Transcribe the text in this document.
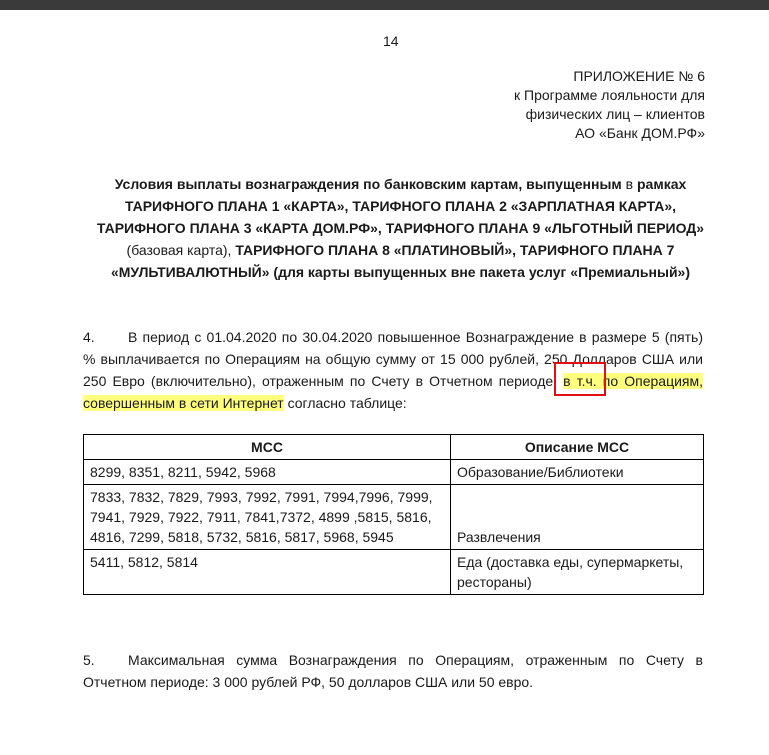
14
ПРИЛОЖЕНИЕ № 6
к Программе лояльности для
физических лиц – клиентов
АО «Банк ДОМ.РФ»
Условия выплаты вознаграждения по банковским картам, выпущенным в рамках ТАРИФНОГО ПЛАНА 1 «КАРТА», ТАРИФНОГО ПЛАНА 2 «ЗАРПЛАТНАЯ КАРТА», ТАРИФНОГО ПЛАНА 3 «КАРТА ДОМ.РФ», ТАРИФНОГО ПЛАНА 9 «ЛЬГОТНЫЙ ПЕРИОД» (базовая карта), ТАРИФНОГО ПЛАНА 8 «ПЛАТИНОВЫЙ», ТАРИФНОГО ПЛАНА 7 «МУЛЬТИВАЛЮТНЫЙ» (для карты выпущенных вне пакета услуг «Премиальный»)
4. В период с 01.04.2020 по 30.04.2020 повышенное Вознаграждение в размере 5 (пять) % выплачивается по Операциям на общую сумму от 15 000 рублей, 250 Долларов США или 250 Евро (включительно), отраженным по Счету в Отчетном периоде, в т.ч. по Операциям, совершенным в сети Интернет согласно таблице:
MCC	Описание MCC
8299, 8351, 8211, 5942, 5968	Образование/Библиотеки
7833, 7832, 7829, 7993, 7992, 7991, 7994,7996, 7999, 7941, 7929, 7922, 7911, 7841,7372, 4899 ,5815, 5816, 4816, 7299, 5818, 5732, 5816, 5817, 5968, 5945	Развлечения
5411, 5812, 5814	Еда (доставка еды, супермаркеты, рестораны)
5. Максимальная сумма Вознаграждения по Операциям, отраженным по Счету в Отчетном периоде: 3 000 рублей РФ, 50 долларов США или 50 евро.
